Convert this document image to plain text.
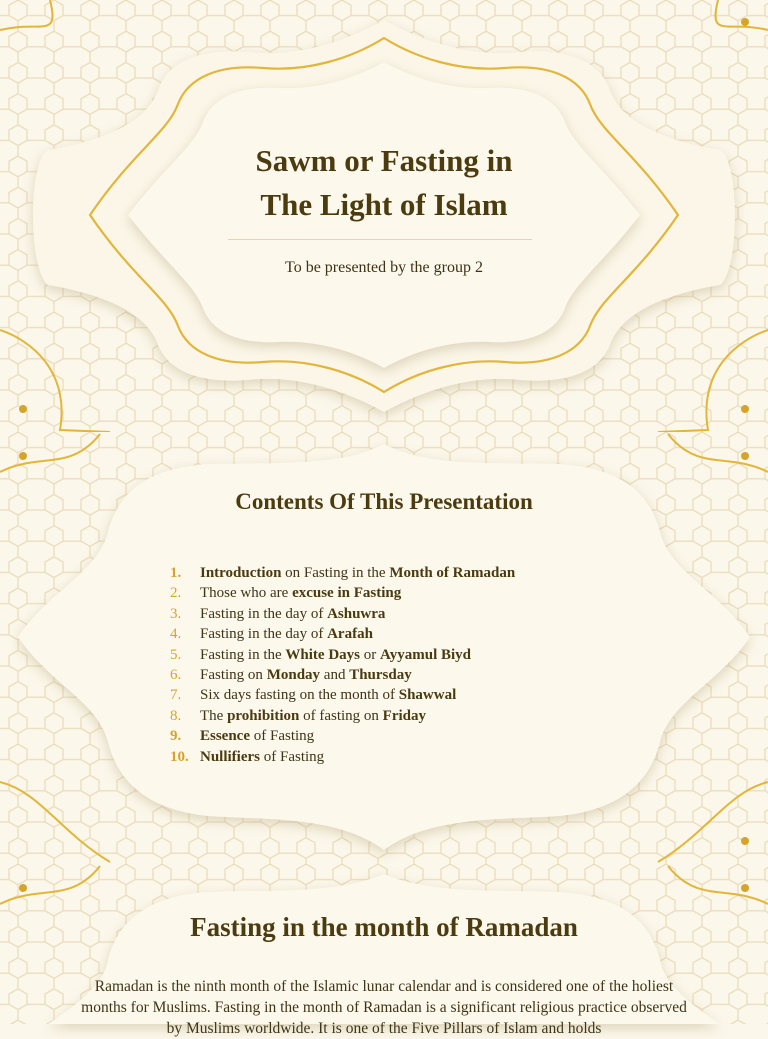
Sawm or Fasting in

The Light of Islam

To be presented by the group 2

Contents Of This Presentation

1. Introduction on Fasting in the Month of Ramadan
2. Those who are excuse in Fasting
3. Fasting in the day of Ashuwra
4. Fasting in the day of Arafah
5. Fasting in the White Days or Ayyamul Biyd
6. Fasting on Monday and Thursday
7. Six days fasting on the month of Shawwal
8. The prohibition of fasting on Friday
9. Essence of Fasting
10. Nullifiers of Fasting

Fasting in the month of Ramadan

Ramadan is the ninth month of the Islamic lunar calendar and is considered one of the holiest months for Muslims. Fasting in the month of Ramadan is a significant religious practice observed by Muslims worldwide. It is one of the Five Pillars of Islam and holds
